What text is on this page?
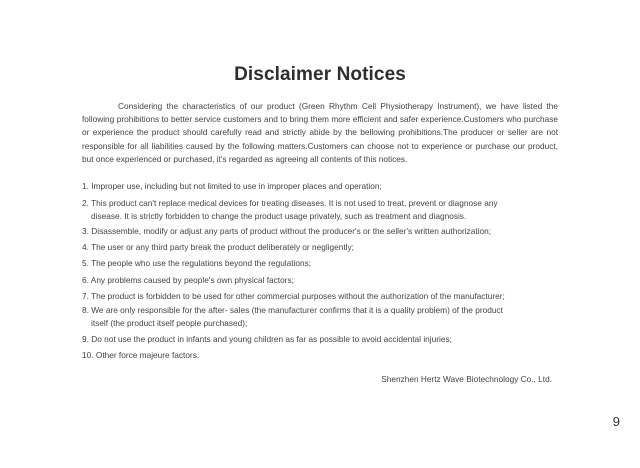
Disclaimer Notices

Considering the characteristics of our product (Green Rhythm Cell Physiotherapy Instrument), we have listed the following prohibitions to better service customers and to bring them more efficient and safer experience.Customers who purchase or experience the product should carefully read and strictly abide by the bellowing prohibitions.The producer or seller are not responsible for all liabilities caused by the following matters.Customers can choose not to experience or purchase our product, but once experienced or purchased, it's regarded as agreeing all contents of this notices.

1. Improper use, including but not limited to use in improper places and operation;
2. This product can't replace medical devices for treating diseases. It is not used to treat, prevent or diagnose any
disease. It is strictly forbidden to change the product usage privately, such as treatment and diagnosis.
3. Disassemble, modify or adjust any parts of product without the producer's or the seller's written authorization;
4. The user or any third party break the product deliberately or negligently;
5. The people who use the regulations beyond the regulations;
6. Any problems caused by people's own physical factors;
7. The product is forbidden to be used for other commercial purposes without the authorization of the manufacturer;
8. We are only responsible for the after- sales (the manufacturer confirms that it is a quality problem) of the product
itself (the product itself people purchased);
9. Do not use the product in infants and young children as far as possible to avoid accidental injuries;
10. Other force majeure factors.
Shenzhen Hertz Wave Biotechnology Co., Ltd.
9
